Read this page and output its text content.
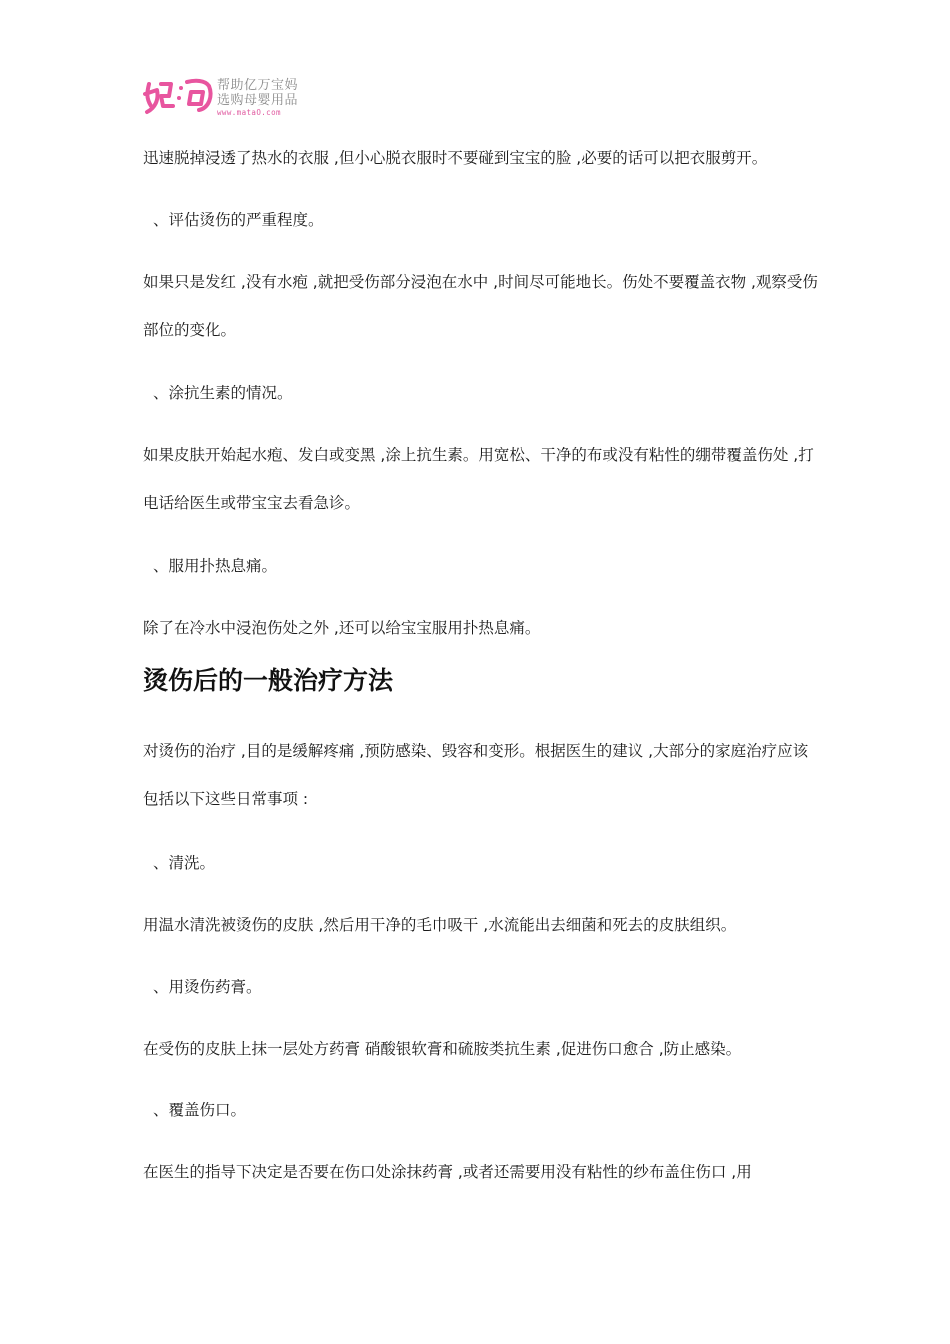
帮助亿万宝妈
选购母婴用品
www.mataO.com
迅速脱掉浸透了热水的衣服 ,但小心脱衣服时不要碰到宝宝的脸 ,必要的话可以把衣服剪开。
、评估烫伤的严重程度。
如果只是发红 ,没有水疱 ,就把受伤部分浸泡在水中 ,时间尽可能地长。伤处不要覆盖衣物 ,观察受伤部位的变化。
、涂抗生素的情况。
如果皮肤开始起水疱、发白或变黑 ,涂上抗生素。用宽松、干净的布或没有粘性的绷带覆盖伤处 ,打电话给医生或带宝宝去看急诊。
、服用扑热息痛。
除了在冷水中浸泡伤处之外 ,还可以给宝宝服用扑热息痛。
烫伤后的一般治疗方法
对烫伤的治疗 ,目的是缓解疼痛 ,预防感染、毁容和变形。根据医生的建议 ,大部分的家庭治疗应该包括以下这些日常事项 :
、清洗。
用温水清洗被烫伤的皮肤 ,然后用干净的毛巾吸干 ,水流能出去细菌和死去的皮肤组织。
、用烫伤药膏。
在受伤的皮肤上抹一层处方药膏 硝酸银软膏和硫胺类抗生素 ,促进伤口愈合 ,防止感染。
、覆盖伤口。
在医生的指导下决定是否要在伤口处涂抹药膏 ,或者还需要用没有粘性的纱布盖住伤口 ,用
